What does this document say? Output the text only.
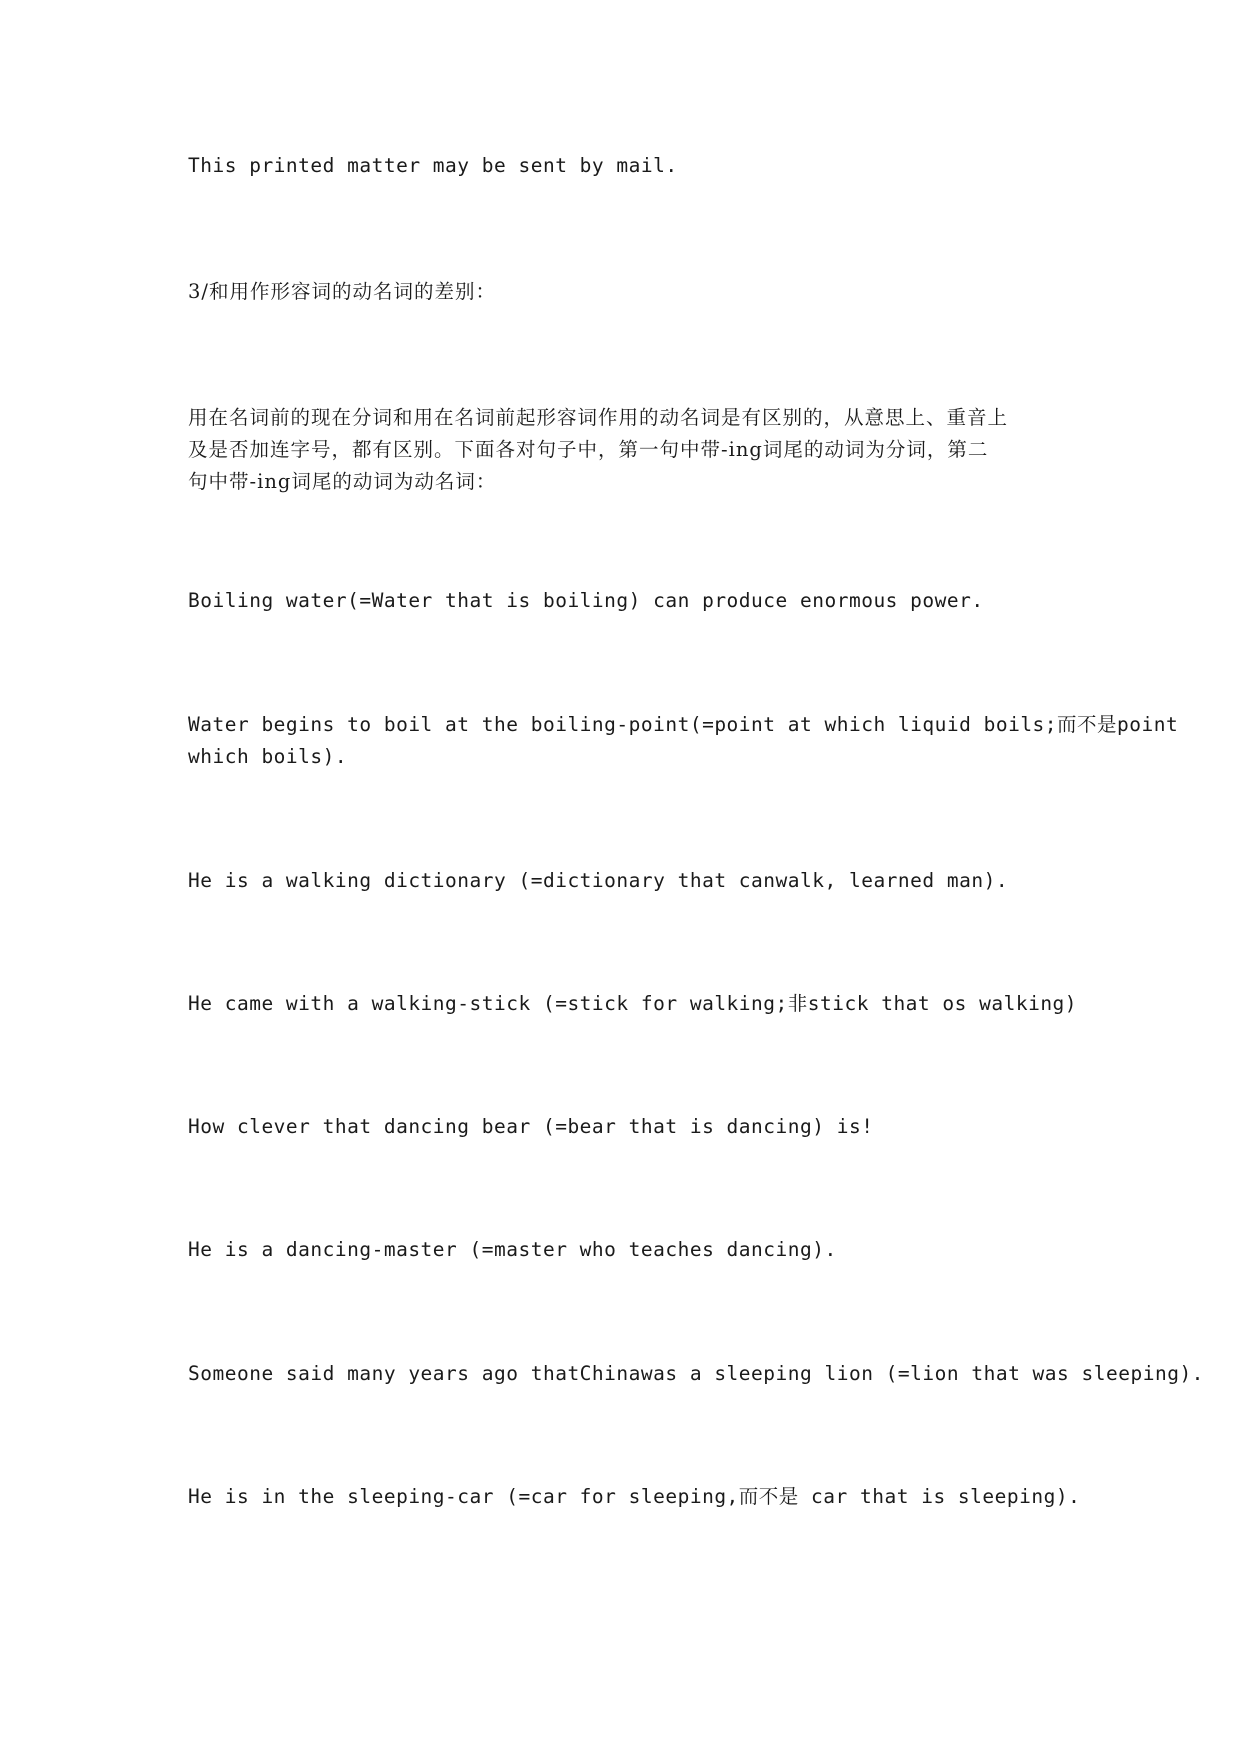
This printed matter may be sent by mail.

3/和用作形容词的动名词的差别：

用在名词前的现在分词和用在名词前起形容词作用的动名词是有区别的，从意思上、重音上

及是否加连字号，都有区别。下面各对句子中，第一句中带-ing词尾的动词为分词，第二

句中带-ing词尾的动词为动名词：

Boiling water(=Water that is boiling) can produce enormous power.

Water begins to boil at the boiling-point(=point at which liquid boils;而不是point

which boils).

He is a walking dictionary (=dictionary that canwalk, learned man).

He came with a walking-stick (=stick for walking;非stick that os walking)

How clever that dancing bear (=bear that is dancing) is!

He is a dancing-master (=master who teaches dancing).

Someone said many years ago thatChinawas a sleeping lion (=lion that was sleeping).

He is in the sleeping-car (=car for sleeping,而不是 car that is sleeping).
